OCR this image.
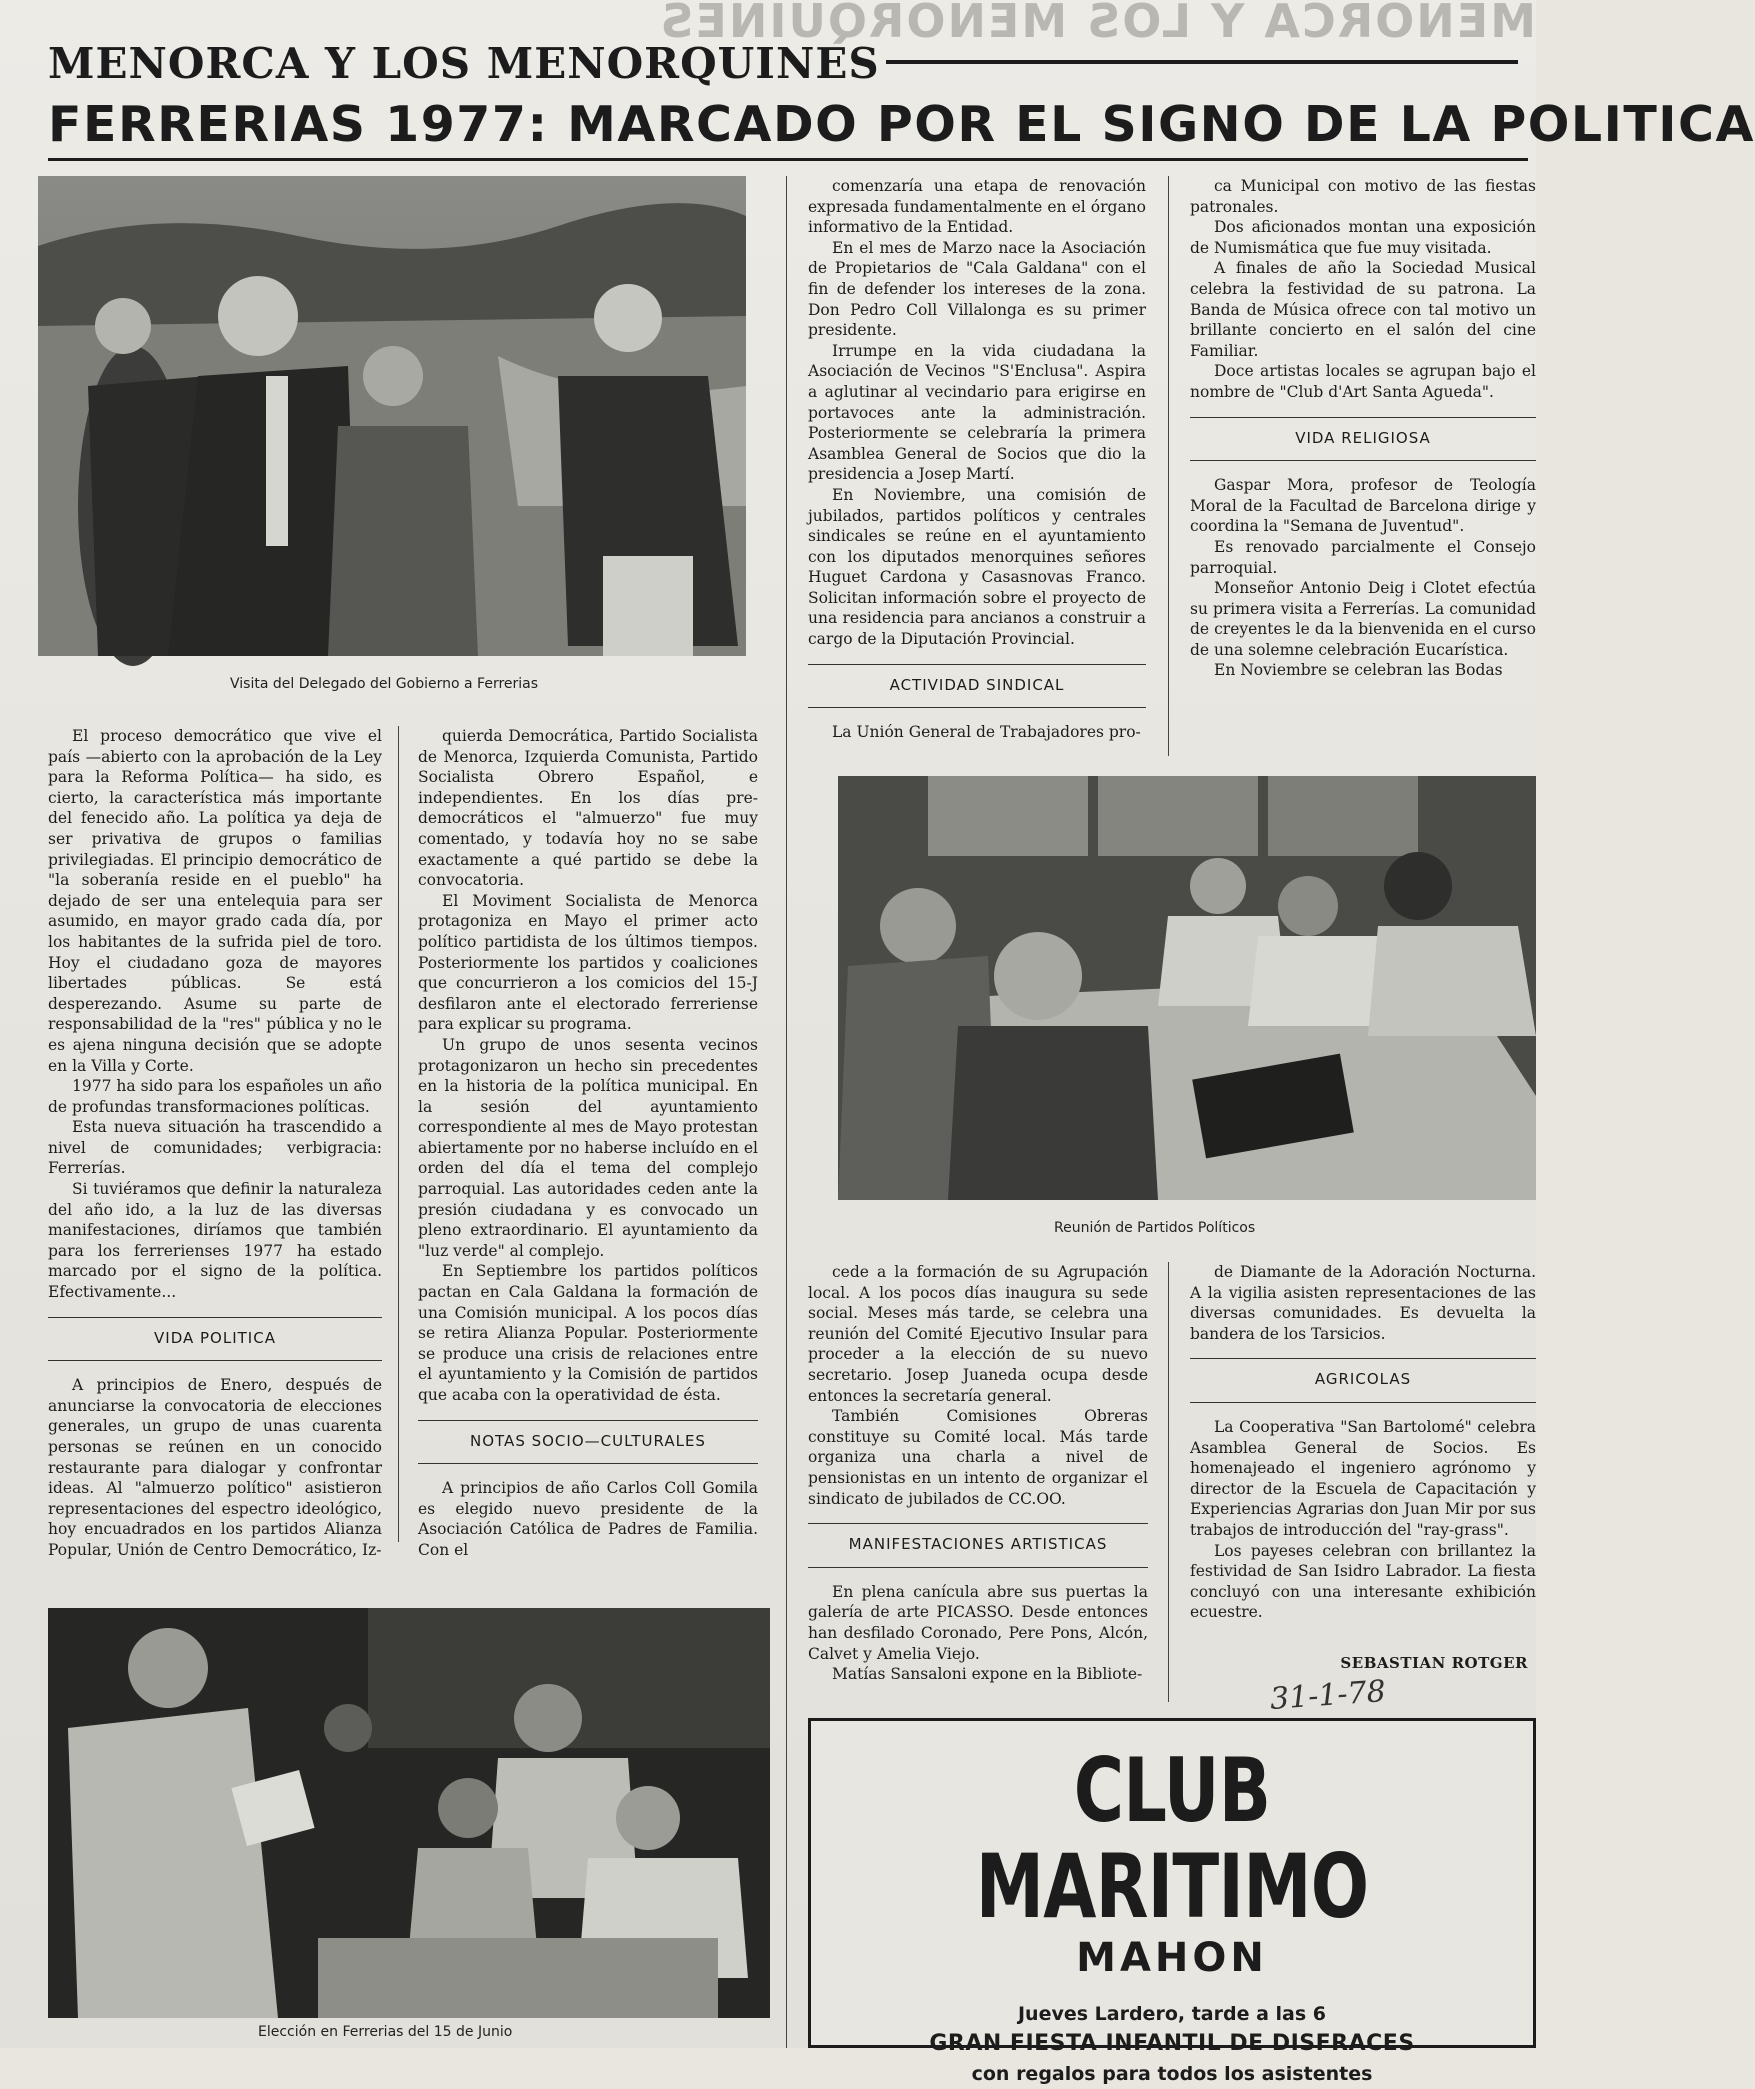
MENORCA Y LOS MENORQUINES
MENORCA Y LOS MENORQUINES
FERRERIAS 1977: MARCADO POR EL SIGNO DE LA POLITICA
Visita del Delegado del Gobierno a Ferrerias

El proceso democrático que vive el país —abierto con la aprobación de la Ley para la Reforma Política— ha sido, es cierto, la característica más importante del fenecido año. La política ya deja de ser privativa de grupos o familias privilegiadas. El principio democrático de "la soberanía reside en el pueblo" ha dejado de ser una entelequia para ser asumido, en mayor grado cada día, por los habitantes de la sufrida piel de toro. Hoy el ciudadano goza de mayores libertades públicas. Se está desperezando. Asume su parte de responsabilidad de la "res" pública y no le es ajena ninguna decisión que se adopte en la Villa y Corte.

1977 ha sido para los españoles un año de profundas transformaciones políticas.

Esta nueva situación ha trascendido a nivel de comunidades; verbigracia: Ferrerías.

Si tuviéramos que definir la naturaleza del año ido, a la luz de las diversas manifestaciones, diríamos que también para los ferrerienses 1977 ha estado marcado por el signo de la política. Efectivamente...

VIDA POLITICA

A principios de Enero, después de anunciarse la convocatoria de elecciones generales, un grupo de unas cuarenta personas se reúnen en un conocido restaurante para dialogar y confrontar ideas. Al "almuerzo político" asistieron representaciones del espectro ideológico, hoy encuadrados en los partidos Alianza Popular, Unión de Centro Democrático, Iz-

quierda Democrática, Partido Socialista de Menorca, Izquierda Comunista, Partido Socialista Obrero Español, e independientes. En los días pre-democráticos el "almuerzo" fue muy comentado, y todavía hoy no se sabe exactamente a qué partido se debe la convocatoria.

El Moviment Socialista de Menorca protagoniza en Mayo el primer acto político partidista de los últimos tiempos. Posteriormente los partidos y coaliciones que concurrieron a los comicios del 15-J desfilaron ante el electorado ferreriense para explicar su programa.

Un grupo de unos sesenta vecinos protagonizaron un hecho sin precedentes en la historia de la política municipal. En la sesión del ayuntamiento correspondiente al mes de Mayo protestan abiertamente por no haberse incluído en el orden del día el tema del complejo parroquial. Las autoridades ceden ante la presión ciudadana y es convocado un pleno extraordinario. El ayuntamiento da "luz verde" al complejo.

En Septiembre los partidos políticos pactan en Cala Galdana la formación de una Comisión municipal. A los pocos días se retira Alianza Popular. Posteriormente se produce una crisis de relaciones entre el ayuntamiento y la Comisión de partidos que acaba con la operatividad de ésta.

NOTAS SOCIO—CULTURALES

A principios de año Carlos Coll Gomila es elegido nuevo presidente de la Asociación Católica de Padres de Familia. Con el

Elección en Ferrerias del 15 de Junio

comenzaría una etapa de renovación expresada fundamentalmente en el órgano informativo de la Entidad.

En el mes de Marzo nace la Asociación de Propietarios de "Cala Galdana" con el fin de defender los intereses de la zona. Don Pedro Coll Villalonga es su primer presidente.

Irrumpe en la vida ciudadana la Asociación de Vecinos "S'Enclusa". Aspira a aglutinar al vecindario para erigirse en portavoces ante la administración. Posteriormente se celebraría la primera Asamblea General de Socios que dio la presidencia a Josep Martí.

En Noviembre, una comisión de jubilados, partidos políticos y centrales sindicales se reúne en el ayuntamiento con los diputados menorquines señores Huguet Cardona y Casasnovas Franco. Solicitan información sobre el proyecto de una residencia para ancianos a construir a cargo de la Diputación Provincial.

ACTIVIDAD SINDICAL

La Unión General de Trabajadores pro-

ca Municipal con motivo de las fiestas patronales.

Dos aficionados montan una exposición de Numismática que fue muy visitada.

A finales de año la Sociedad Musical celebra la festividad de su patrona. La Banda de Música ofrece con tal motivo un brillante concierto en el salón del cine Familiar.

Doce artistas locales se agrupan bajo el nombre de "Club d'Art Santa Agueda".

VIDA RELIGIOSA

Gaspar Mora, profesor de Teología Moral de la Facultad de Barcelona dirige y coordina la "Semana de Juventud".

Es renovado parcialmente el Consejo parroquial.

Monseñor Antonio Deig i Clotet efectúa su primera visita a Ferrerías. La comunidad de creyentes le da la bienvenida en el curso de una solemne celebración Eucarística.

En Noviembre se celebran las Bodas

Reunión de Partidos Políticos

cede a la formación de su Agrupación local. A los pocos días inaugura su sede social. Meses más tarde, se celebra una reunión del Comité Ejecutivo Insular para proceder a la elección de su nuevo secretario. Josep Juaneda ocupa desde entonces la secretaría general.

También Comisiones Obreras constituye su Comité local. Más tarde organiza una charla a nivel de pensionistas en un intento de organizar el sindicato de jubilados de CC.OO.

MANIFESTACIONES ARTISTICAS

En plena canícula abre sus puertas la galería de arte PICASSO. Desde entonces han desfilado Coronado, Pere Pons, Alcón, Calvet y Amelia Viejo.

Matías Sansaloni expone en la Bibliote-

de Diamante de la Adoración Nocturna. A la vigilia asisten representaciones de las diversas comunidades. Es devuelta la bandera de los Tarsicios.

AGRICOLAS

La Cooperativa "San Bartolomé" celebra Asamblea General de Socios. Es homenajeado el ingeniero agrónomo y director de la Escuela de Capacitación y Experiencias Agrarias don Juan Mir por sus trabajos de introducción del "ray-grass".

Los payeses celebran con brillantez la festividad de San Isidro Labrador. La fiesta concluyó con una interesante exhibición ecuestre.

SEBASTIAN ROTGER
31-1-78
CLUB MARITIMO
MAHON
Jueves Lardero, tarde a las 6
GRAN FIESTA INFANTIL DE DISFRACES
con regalos para todos los asistentes
